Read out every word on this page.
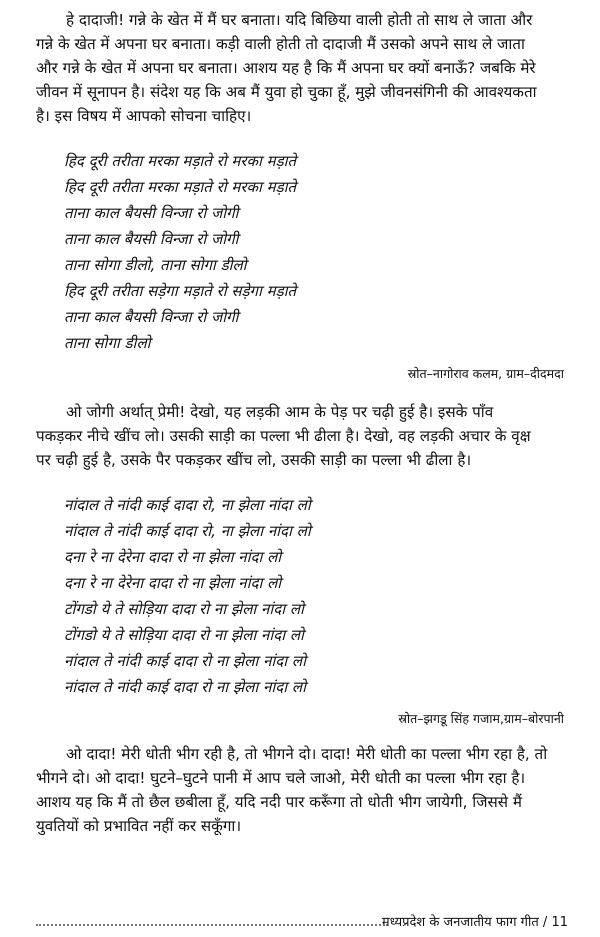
हे दादाजी! गन्ने के खेत में मैं घर बनाता। यदि बिछिया वाली होती तो साथ ले जाता और
गन्ने के खेत में अपना घर बनाता। कड़ी वाली होती तो दादाजी मैं उसको अपने साथ ले जाता
और गन्ने के खेत में अपना घर बनाता। आशय यह है कि मैं अपना घर क्यों बनाऊँ? जबकि मेरे
जीवन में सूनापन है। संदेश यह कि अब मैं युवा हो चुका हूँ, मुझे जीवनसंगिनी की आवश्यकता
है। इस विषय में आपको सोचना चाहिए।
हिद दूरी तरीता मरका मड़ाते रो मरका मड़ाते
हिद दूरी तरीता मरका मड़ाते रो मरका मड़ाते
ताना काल बैयसी विन्जा रो जोगी
ताना काल बैयसी विन्जा रो जोगी
ताना सोगा डीलो, ताना सोगा डीलो
हिद दूरी तरीता सड़ेगा मड़ाते रो सड़ेगा मड़ाते
ताना काल बैयसी विन्जा रो जोगी
ताना सोगा डीलो
स्रोत–नागोराव कलम, ग्राम–दीदमदा
ओ जोगी अर्थात् प्रेमी! देखो, यह लड़की आम के पेड़ पर चढ़ी हुई है। इसके पाँव
पकड़कर नीचे खींच लो। उसकी साड़ी का पल्ला भी ढीला है। देखो, वह लड़की अचार के वृक्ष
पर चढ़ी हुई है, उसके पैर पकड़कर खींच लो, उसकी साड़ी का पल्ला भी ढीला है।
नांदाल ते नांदी काई दादा रो, ना झेला नांदा लो
नांदाल ते नांदी काई दादा रो, ना झेला नांदा लो
दना रे ना देरेना दादा रो ना झेला नांदा लो
दना रे ना देरेना दादा रो ना झेला नांदा लो
टोंगडो ये ते सोड़िया दादा रो ना झेला नांदा लो
टोंगडो ये ते सोड़िया दादा रो ना झेला नांदा लो
नांदाल ते नांदी काई दादा रो ना झेला नांदा लो
नांदाल ते नांदी काई दादा रो ना झेला नांदा लो
स्रोत–झगडू सिंह गजाम,ग्राम–बोरपानी
ओ दादा! मेरी धोती भीग रही है, तो भीगने दो। दादा! मेरी धोती का पल्ला भीग रहा है, तो
भीगने दो। ओ दादा! घुटने–घुटने पानी में आप चले जाओ, मेरी धोती का पल्ला भीग रहा है।
आशय यह कि मैं तो छैल छबीला हूँ, यदि नदी पार करूँगा तो धोती भीग जायेगी, जिससे मैं
युवतियों को प्रभावित नहीं कर सकूँगा।
मध्यप्रदेश के जनजातीय फाग गीत / 11
